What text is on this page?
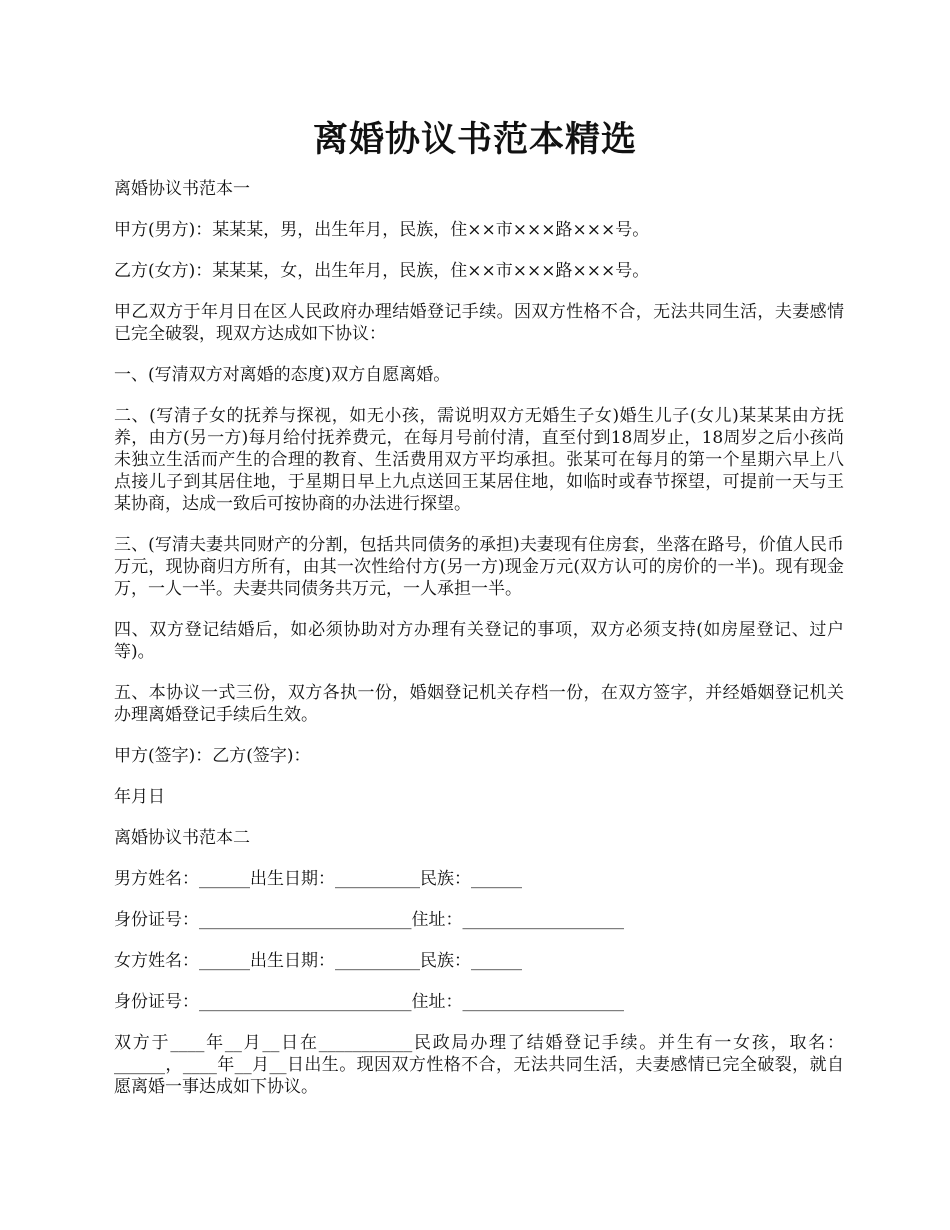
离婚协议书范本精选

离婚协议书范本一

甲方(男方)：某某某，男，出生年月，民族，住××市×××路×××号。

乙方(女方)：某某某，女，出生年月，民族，住××市×××路×××号。

甲乙双方于年月日在区人民政府办理结婚登记手续。因双方性格不合，无法共同生活，夫妻感情已完全破裂，现双方达成如下协议：

一、(写清双方对离婚的态度)双方自愿离婚。

二、(写清子女的抚养与探视，如无小孩，需说明双方无婚生子女)婚生儿子(女儿)某某某由方抚养，由方(另一方)每月给付抚养费元，在每月号前付清，直至付到18周岁止，18周岁之后小孩尚未独立生活而产生的合理的教育、生活费用双方平均承担。张某可在每月的第一个星期六早上八点接儿子到其居住地，于星期日早上九点送回王某居住地，如临时或春节探望，可提前一天与王某协商，达成一致后可按协商的办法进行探望。

三、(写清夫妻共同财产的分割，包括共同债务的承担)夫妻现有住房套，坐落在路号，价值人民币万元，现协商归方所有，由其一次性给付方(另一方)现金万元(双方认可的房价的一半)。现有现金万，一人一半。夫妻共同债务共万元，一人承担一半。

四、双方登记结婚后，如必须协助对方办理有关登记的事项，双方必须支持(如房屋登记、过户等)。

五、本协议一式三份，双方各执一份，婚姻登记机关存档一份，在双方签字，并经婚姻登记机关办理离婚登记手续后生效。

甲方(签字)：乙方(签字)：

年月日

离婚协议书范本二

男方姓名：______出生日期：__________民族：______

身份证号：_________________________住址：___________________

女方姓名：______出生日期：__________民族：______

身份证号：_________________________住址：___________________

双方于____年__月__日在___________民政局办理了结婚登记手续。并生有一女孩，取名：______，____年__月__日出生。现因双方性格不合，无法共同生活，夫妻感情已完全破裂，就自愿离婚一事达成如下协议。
